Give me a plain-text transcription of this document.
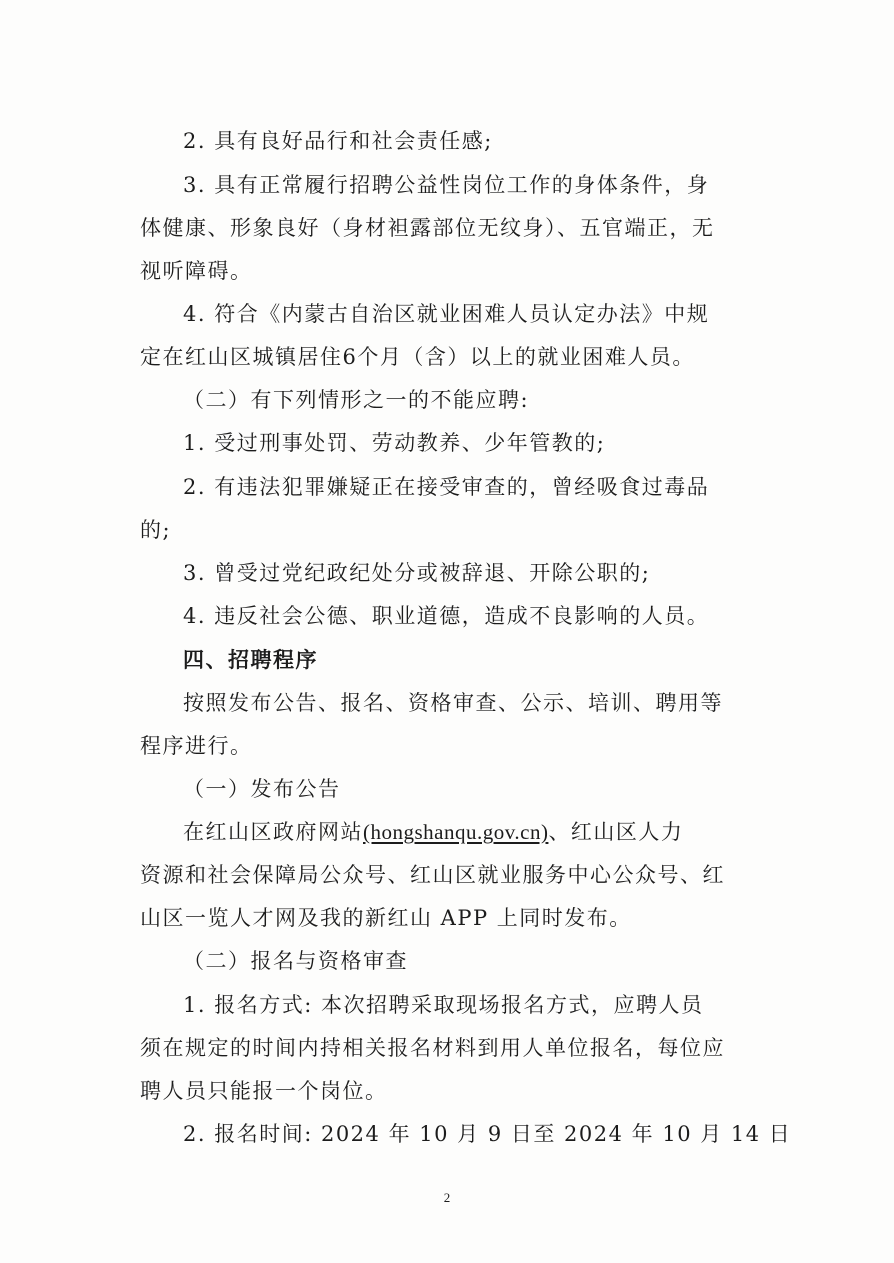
2. 具有良好品行和社会责任感;
3. 具有正常履行招聘公益性岗位工作的身体条件，身
体健康、形象良好（身材袒露部位无纹身）、五官端正，无
视听障碍。
4. 符合《内蒙古自治区就业困难人员认定办法》中规
定在红山区城镇居住6个月（含）以上的就业困难人员。
（二）有下列情形之一的不能应聘:
1. 受过刑事处罚、劳动教养、少年管教的;
2. 有违法犯罪嫌疑正在接受审查的，曾经吸食过毒品
的;
3. 曾受过党纪政纪处分或被辞退、开除公职的;
4. 违反社会公德、职业道德，造成不良影响的人员。
四、招聘程序
按照发布公告、报名、资格审查、公示、培训、聘用等
程序进行。
（一）发布公告
在红山区政府网站(hongshanqu.gov.cn)、红山区人力
资源和社会保障局公众号、红山区就业服务中心公众号、红
山区一览人才网及我的新红山 APP 上同时发布。
（二）报名与资格审查
1. 报名方式: 本次招聘采取现场报名方式，应聘人员
须在规定的时间内持相关报名材料到用人单位报名，每位应
聘人员只能报一个岗位。
2. 报名时间: 2024 年 10 月 9 日至 2024 年 10 月 14 日
2
